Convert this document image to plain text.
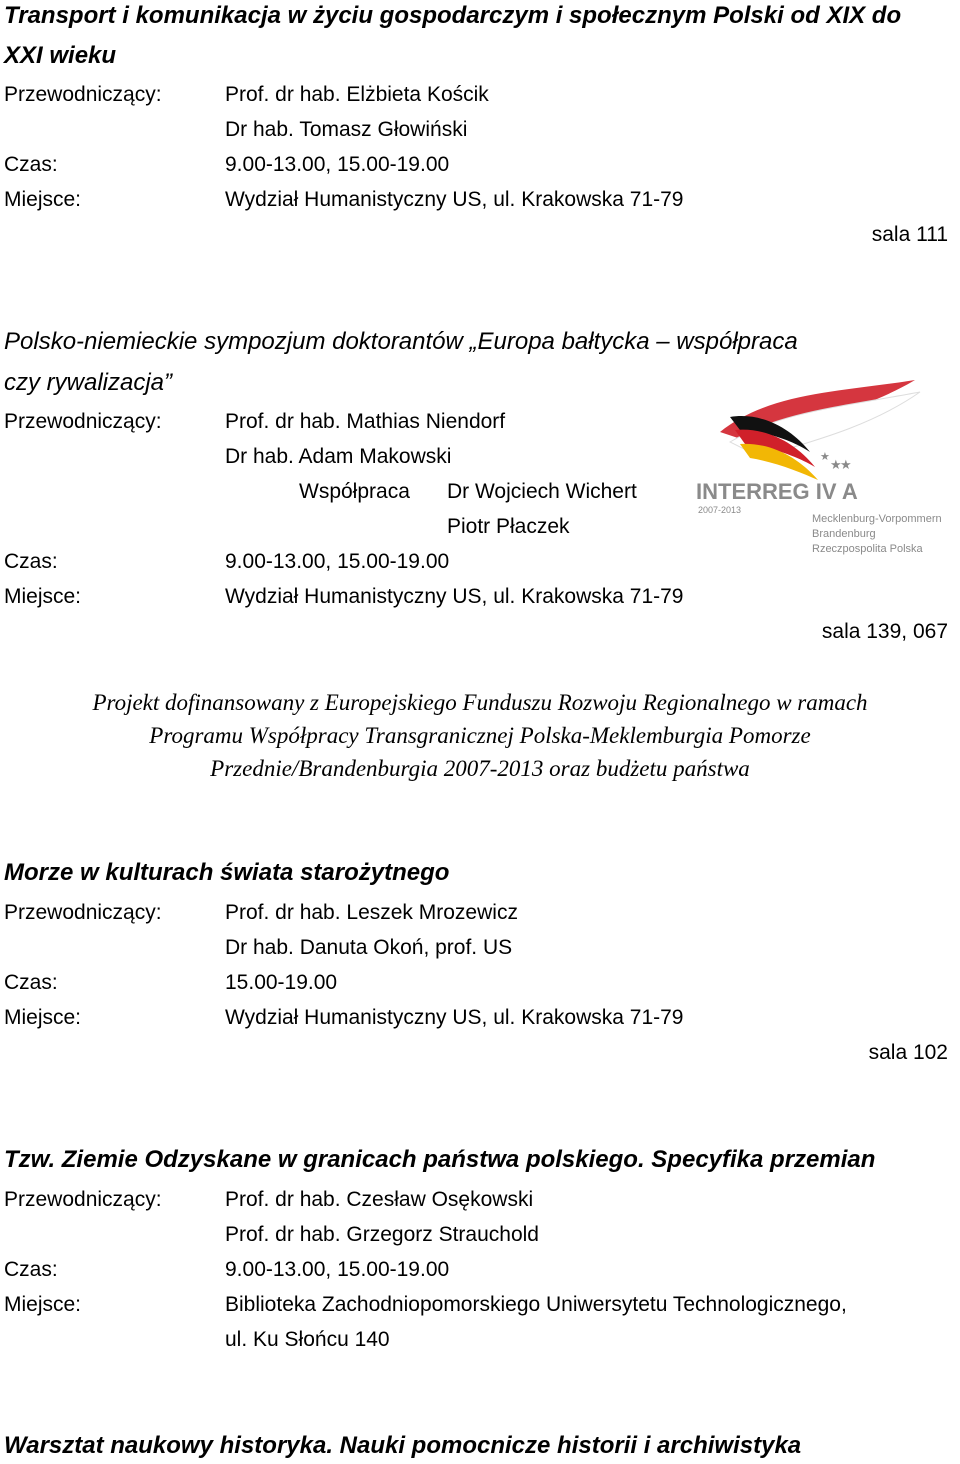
Transport i komunikacja w życiu gospodarczym i społecznym Polski od XIX do
XXI wieku
Przewodniczący:	Prof. dr hab. Elżbieta Kościk
Dr hab. Tomasz Głowiński
Czas:	9.00-13.00, 15.00-19.00
Miejsce:	Wydział Humanistyczny US, ul. Krakowska 71-79
sala 111
Polsko-niemieckie sympozjum doktorantów „Europa bałtycka – współpraca
czy rywalizacja”
Przewodniczący:	Prof. dr hab. Mathias Niendorf
Dr hab. Adam Makowski
Współpraca Dr Wojciech Wichert
Piotr Płaczek
Czas:	9.00-13.00, 15.00-19.00
Miejsce:	Wydział Humanistyczny US, ul. Krakowska 71-79
sala 139, 067
★
★
★
INTERREG IV A
2007-2013
Mecklenburg-Vorpommern
Brandenburg
Rzeczpospolita Polska
Projekt dofinansowany z Europejskiego Funduszu Rozwoju Regionalnego w ramach
Programu Współpracy Transgranicznej Polska-Meklemburgia Pomorze
Przednie/Brandenburgia 2007-2013 oraz budżetu państwa
Morze w kulturach świata starożytnego
Przewodniczący:	Prof. dr hab. Leszek Mrozewicz
Dr hab. Danuta Okoń, prof. US
Czas:	15.00-19.00
Miejsce:	Wydział Humanistyczny US, ul. Krakowska 71-79
sala 102
Tzw. Ziemie Odzyskane w granicach państwa polskiego. Specyfika przemian
Przewodniczący:	Prof. dr hab. Czesław Osękowski
Prof. dr hab. Grzegorz Strauchold
Czas:	9.00-13.00, 15.00-19.00
Miejsce:	Biblioteka Zachodniopomorskiego Uniwersytetu Technologicznego,
ul. Ku Słońcu 140
Warsztat naukowy historyka. Nauki pomocnicze historii i archiwistyka
